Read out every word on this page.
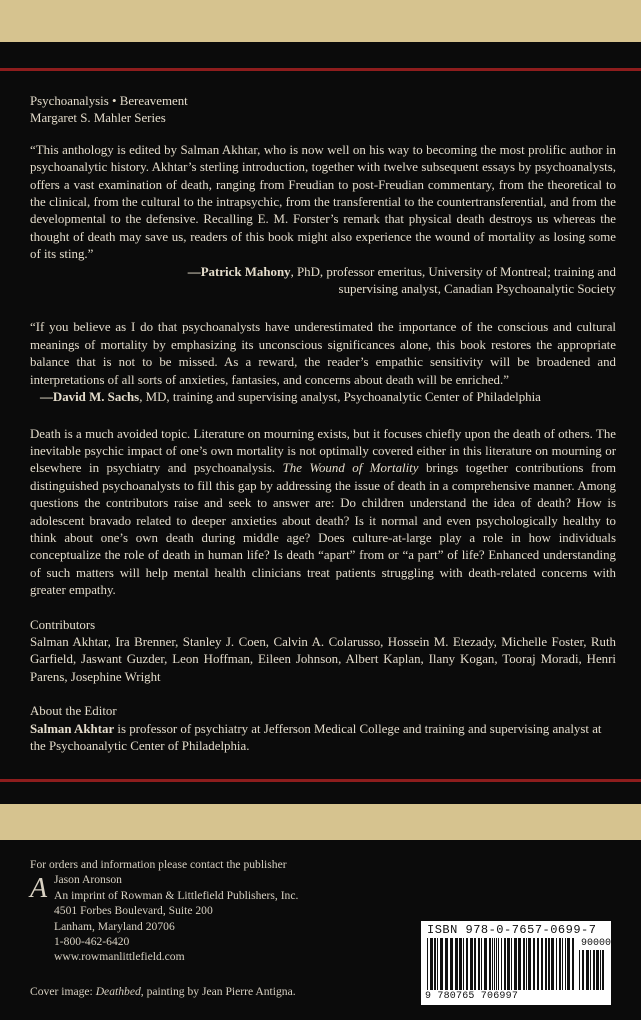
Psychoanalysis • Bereavement

Margaret S. Mahler Series

“This anthology is edited by Salman Akhtar, who is now well on his way to becoming the most prolific author in psychoanalytic history. Akhtar’s sterling introduction, together with twelve subsequent essays by psychoanalysts, offers a vast examination of death, ranging from Freudian to post-Freudian commentary, from the theoretical to the clinical, from the cultural to the intrapsychic, from the transferential to the countertransferential, and from the developmental to the defensive. Recalling E. M. Forster’s remark that physical death destroys us whereas the thought of death may save us, readers of this book might also experience the wound of mortality as losing some of its sting.”

—Patrick Mahony, PhD, professor emeritus, University of Montreal; training and

supervising analyst, Canadian Psychoanalytic Society

“If you believe as I do that psychoanalysts have underestimated the importance of the conscious and cultural meanings of mortality by emphasizing its unconscious significances alone, this book restores the appropriate balance that is not to be missed. As a reward, the reader’s empathic sensitivity will be broadened and interpretations of all sorts of anxieties, fantasies, and concerns about death will be enriched.”

—David M. Sachs, MD, training and supervising analyst, Psychoanalytic Center of Philadelphia

Death is a much avoided topic. Literature on mourning exists, but it focuses chiefly upon the death of others. The inevitable psychic impact of one’s own mortality is not optimally covered either in this literature on mourning or elsewhere in psychiatry and psychoanalysis. The Wound of Mortality brings together contributions from distinguished psychoanalysts to fill this gap by addressing the issue of death in a comprehensive manner. Among questions the contributors raise and seek to answer are: Do children understand the idea of death? How is adolescent bravado related to deeper anxieties about death? Is it normal and even psychologically healthy to think about one’s own death during middle age? Does culture-at-large play a role in how individuals conceptualize the role of death in human life? Is death “apart” from or “a part” of life? Enhanced understanding of such matters will help mental health clinicians treat patients struggling with death-related concerns with greater empathy.

Contributors

Salman Akhtar, Ira Brenner, Stanley J. Coen, Calvin A. Colarusso, Hossein M. Etezady, Michelle Foster, Ruth Garfield, Jaswant Guzder, Leon Hoffman, Eileen Johnson, Albert Kaplan, Ilany Kogan, Tooraj Moradi, Henri Parens, Josephine Wright

About the Editor

Salman Akhtar is professor of psychiatry at Jefferson Medical College and training and supervising analyst at the Psychoanalytic Center of Philadelphia.

For orders and information please contact the publisher
A Jason Aronson
An imprint of Rowman & Littlefield Publishers, Inc.
4501 Forbes Boulevard, Suite 200
Lanham, Maryland 20706
1-800-462-6420
www.rowmanlittlefield.com
Cover image: Deathbed, painting by Jean Pierre Antigna.
ISBN 978-0-7657-0699-7
90000
9 780765 706997
